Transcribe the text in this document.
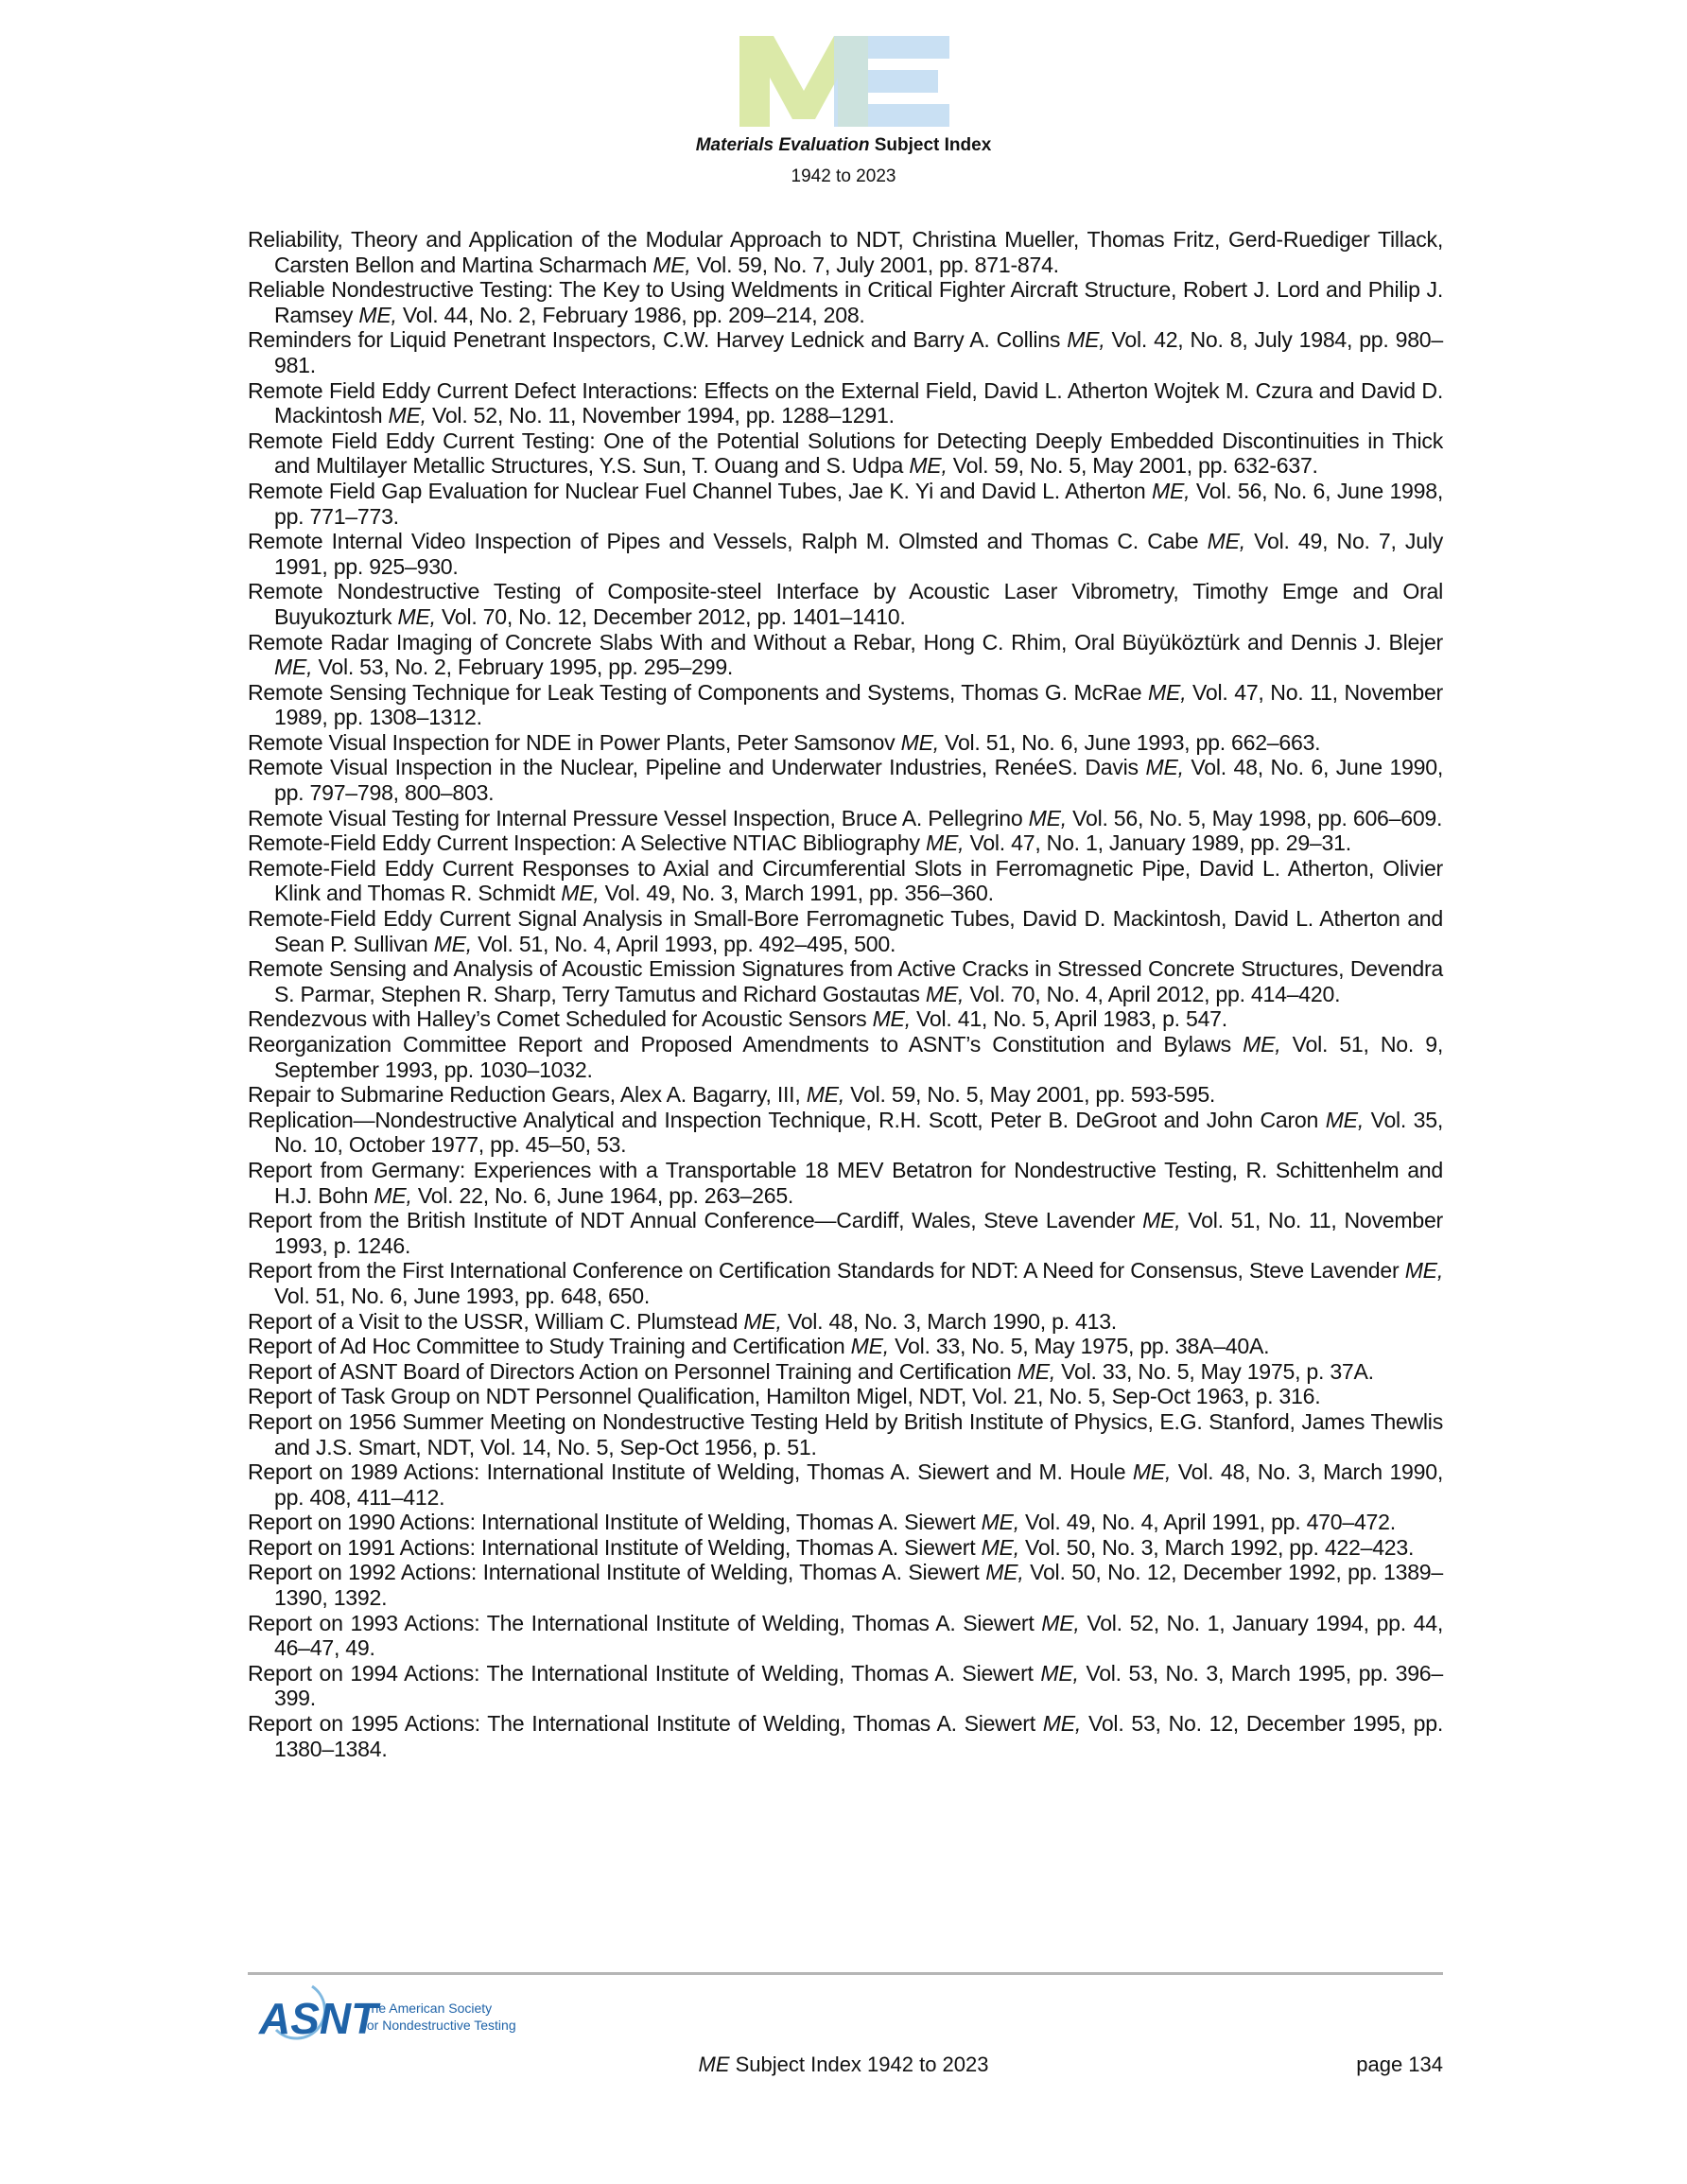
Materials Evaluation Subject Index
1942 to 2023

Reliability, Theory and Application of the Modular Approach to NDT, Christina Mueller, Thomas Fritz, Gerd-Ruediger Tillack, Carsten Bellon and Martina Scharmach ME, Vol. 59, No. 7, July 2001, pp. 871-874.

Reliable Nondestructive Testing: The Key to Using Weldments in Critical Fighter Aircraft Structure, Robert J. Lord and Philip J. Ramsey ME, Vol. 44, No. 2, February 1986, pp. 209–214, 208.

Reminders for Liquid Penetrant Inspectors, C.W. Harvey Lednick and Barry A. Collins ME, Vol. 42, No. 8, July 1984, pp. 980–981.

Remote Field Eddy Current Defect Interactions: Effects on the External Field, David L. Atherton Wojtek M. Czura and David D. Mackintosh ME, Vol. 52, No. 11, November 1994, pp. 1288–1291.

Remote Field Eddy Current Testing: One of the Potential Solutions for Detecting Deeply Embedded Discontinuities in Thick and Multilayer Metallic Structures, Y.S. Sun, T. Ouang and S. Udpa ME, Vol. 59, No. 5, May 2001, pp. 632-637.

Remote Field Gap Evaluation for Nuclear Fuel Channel Tubes, Jae K. Yi and David L. Atherton ME, Vol. 56, No. 6, June 1998, pp. 771–773.

Remote Internal Video Inspection of Pipes and Vessels, Ralph M. Olmsted and Thomas C. Cabe ME, Vol. 49, No. 7, July 1991, pp. 925–930.

Remote Nondestructive Testing of Composite-steel Interface by Acoustic Laser Vibrometry, Timothy Emge and Oral Buyukozturk ME, Vol. 70, No. 12, December 2012, pp. 1401–1410.

Remote Radar Imaging of Concrete Slabs With and Without a Rebar, Hong C. Rhim, Oral Büyüköztürk and Dennis J. Blejer ME, Vol. 53, No. 2, February 1995, pp. 295–299.

Remote Sensing Technique for Leak Testing of Components and Systems, Thomas G. McRae ME, Vol. 47, No. 11, November 1989, pp. 1308–1312.

Remote Visual Inspection for NDE in Power Plants, Peter Samsonov ME, Vol. 51, No. 6, June 1993, pp. 662–663.

Remote Visual Inspection in the Nuclear, Pipeline and Underwater Industries, RenéeS. Davis ME, Vol. 48, No. 6, June 1990, pp. 797–798, 800–803.

Remote Visual Testing for Internal Pressure Vessel Inspection, Bruce A. Pellegrino ME, Vol. 56, No. 5, May 1998, pp. 606–609.

Remote-Field Eddy Current Inspection: A Selective NTIAC Bibliography ME, Vol. 47, No. 1, January 1989, pp. 29–31.

Remote-Field Eddy Current Responses to Axial and Circumferential Slots in Ferromagnetic Pipe, David L. Atherton, Olivier Klink and Thomas R. Schmidt ME, Vol. 49, No. 3, March 1991, pp. 356–360.

Remote-Field Eddy Current Signal Analysis in Small-Bore Ferromagnetic Tubes, David D. Mackintosh, David L. Atherton and Sean P. Sullivan ME, Vol. 51, No. 4, April 1993, pp. 492–495, 500.

Remote Sensing and Analysis of Acoustic Emission Signatures from Active Cracks in Stressed Concrete Structures, Devendra S. Parmar, Stephen R. Sharp, Terry Tamutus and Richard Gostautas ME, Vol. 70, No. 4, April 2012, pp. 414–420.

Rendezvous with Halley’s Comet Scheduled for Acoustic Sensors ME, Vol. 41, No. 5, April 1983, p. 547.

Reorganization Committee Report and Proposed Amendments to ASNT’s Constitution and Bylaws ME, Vol. 51, No. 9, September 1993, pp. 1030–1032.

Repair to Submarine Reduction Gears, Alex A. Bagarry, III, ME, Vol. 59, No. 5, May 2001, pp. 593-595.

Replication—Nondestructive Analytical and Inspection Technique, R.H. Scott, Peter B. DeGroot and John Caron ME, Vol. 35, No. 10, October 1977, pp. 45–50, 53.

Report from Germany: Experiences with a Transportable 18 MEV Betatron for Nondestructive Testing, R. Schittenhelm and H.J. Bohn ME, Vol. 22, No. 6, June 1964, pp. 263–265.

Report from the British Institute of NDT Annual Conference—Cardiff, Wales, Steve Lavender ME, Vol. 51, No. 11, November 1993, p. 1246.

Report from the First International Conference on Certification Standards for NDT: A Need for Consensus, Steve Lavender ME, Vol. 51, No. 6, June 1993, pp. 648, 650.

Report of a Visit to the USSR, William C. Plumstead ME, Vol. 48, No. 3, March 1990, p. 413.

Report of Ad Hoc Committee to Study Training and Certification ME, Vol. 33, No. 5, May 1975, pp. 38A–40A.

Report of ASNT Board of Directors Action on Personnel Training and Certification ME, Vol. 33, No. 5, May 1975, p. 37A.

Report of Task Group on NDT Personnel Qualification, Hamilton Migel, NDT, Vol. 21, No. 5, Sep-Oct 1963, p. 316.

Report on 1956 Summer Meeting on Nondestructive Testing Held by British Institute of Physics, E.G. Stanford, James Thewlis and J.S. Smart, NDT, Vol. 14, No. 5, Sep-Oct 1956, p. 51.

Report on 1989 Actions: International Institute of Welding, Thomas A. Siewert and M. Houle ME, Vol. 48, No. 3, March 1990, pp. 408, 411–412.

Report on 1990 Actions: International Institute of Welding, Thomas A. Siewert ME, Vol. 49, No. 4, April 1991, pp. 470–472.

Report on 1991 Actions: International Institute of Welding, Thomas A. Siewert ME, Vol. 50, No. 3, March 1992, pp. 422–423.

Report on 1992 Actions: International Institute of Welding, Thomas A. Siewert ME, Vol. 50, No. 12, December 1992, pp. 1389–1390, 1392.

Report on 1993 Actions: The International Institute of Welding, Thomas A. Siewert ME, Vol. 52, No. 1, January 1994, pp. 44, 46–47, 49.

Report on 1994 Actions: The International Institute of Welding, Thomas A. Siewert ME, Vol. 53, No. 3, March 1995, pp. 396–399.

Report on 1995 Actions: The International Institute of Welding, Thomas A. Siewert ME, Vol. 53, No. 12, December 1995, pp. 1380–1384.

ASNT
The American Society
for Nondestructive Testing
ME Subject Index 1942 to 2023	page 134
